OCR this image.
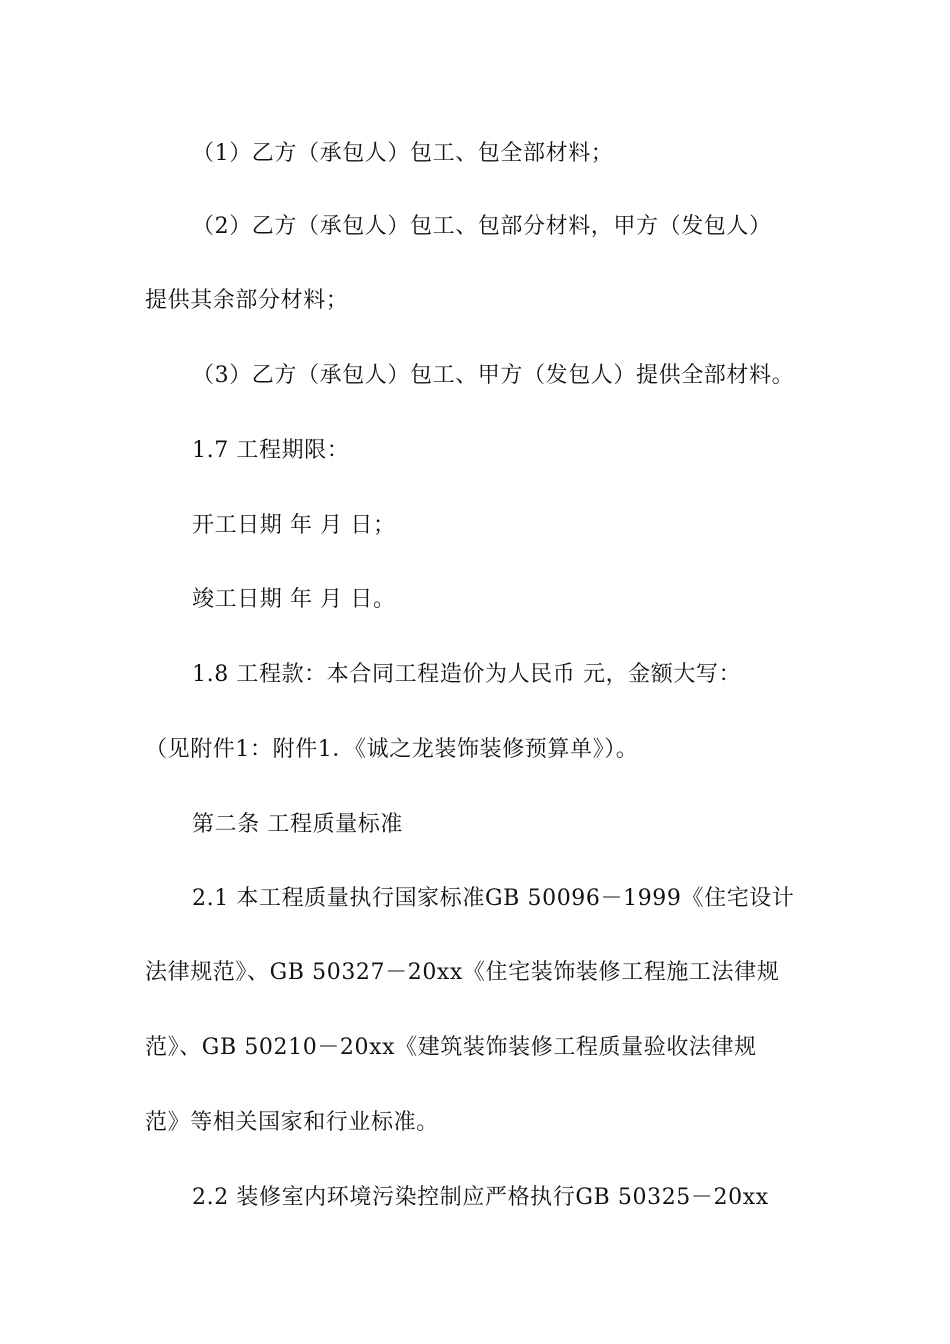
（1）乙方（承包人）包工、包全部材料；
（2）乙方（承包人）包工、包部分材料，甲方（发包人）
提供其余部分材料；
（3）乙方（承包人）包工、甲方（发包人）提供全部材料。
1.7 工程期限：
开工日期 年 月 日；
竣工日期 年 月 日。
1.8 工程款：本合同工程造价为人民币 元，金额大写：
（见附件1：附件1．《诚之龙装饰装修预算单》）。
第二条 工程质量标准
2.1 本工程质量执行国家标准GB 50096－1999《住宅设计
法律规范》、GB 50327－20xx《住宅装饰装修工程施工法律规
范》、GB 50210－20xx《建筑装饰装修工程质量验收法律规
范》等相关国家和行业标准。
2.2 装修室内环境污染控制应严格执行GB 50325－20xx
